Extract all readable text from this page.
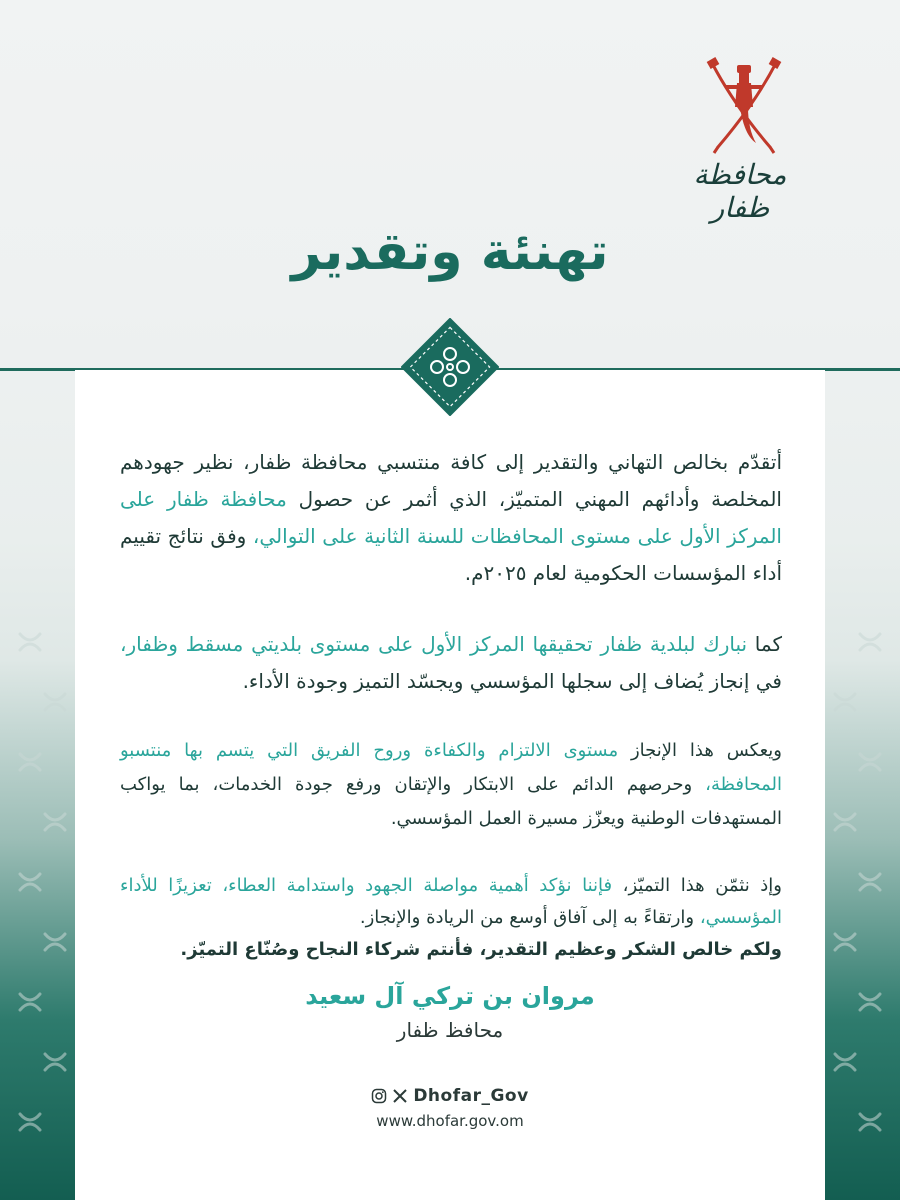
محافظة ظفار
تهنئة وتقدير

أتقدّم بخالص التهاني والتقدير إلى كافة منتسبي محافظة ظفار، نظير جهودهم المخلصة وأدائهم المهني المتميّز، الذي أثمر عن حصول محافظة ظفار على المركز الأول على مستوى المحافظات للسنة الثانية على التوالي، وفق نتائج تقييم أداء المؤسسات الحكومية لعام ٢٠٢٥م.

كما نبارك لبلدية ظفار تحقيقها المركز الأول على مستوى بلديتي مسقط وظفار، في إنجاز يُضاف إلى سجلها المؤسسي ويجسّد التميز وجودة الأداء.

ويعكس هذا الإنجاز مستوى الالتزام والكفاءة وروح الفريق التي يتسم بها منتسبو المحافظة، وحرصهم الدائم على الابتكار والإتقان ورفع جودة الخدمات، بما يواكب المستهدفات الوطنية ويعزّز مسيرة العمل المؤسسي.

وإذ نثمّن هذا التميّز، فإننا نؤكد أهمية مواصلة الجهود واستدامة العطاء، تعزيزًا للأداء المؤسسي، وارتقاءً به إلى آفاق أوسع من الريادة والإنجاز.
ولكم خالص الشكر وعظيم التقدير، فأنتم شركاء النجاح وصُنّاع التميّز.

مروان بن تركي آل سعيد
محافظ ظفار
Dhofar_Gov
www.dhofar.gov.om
